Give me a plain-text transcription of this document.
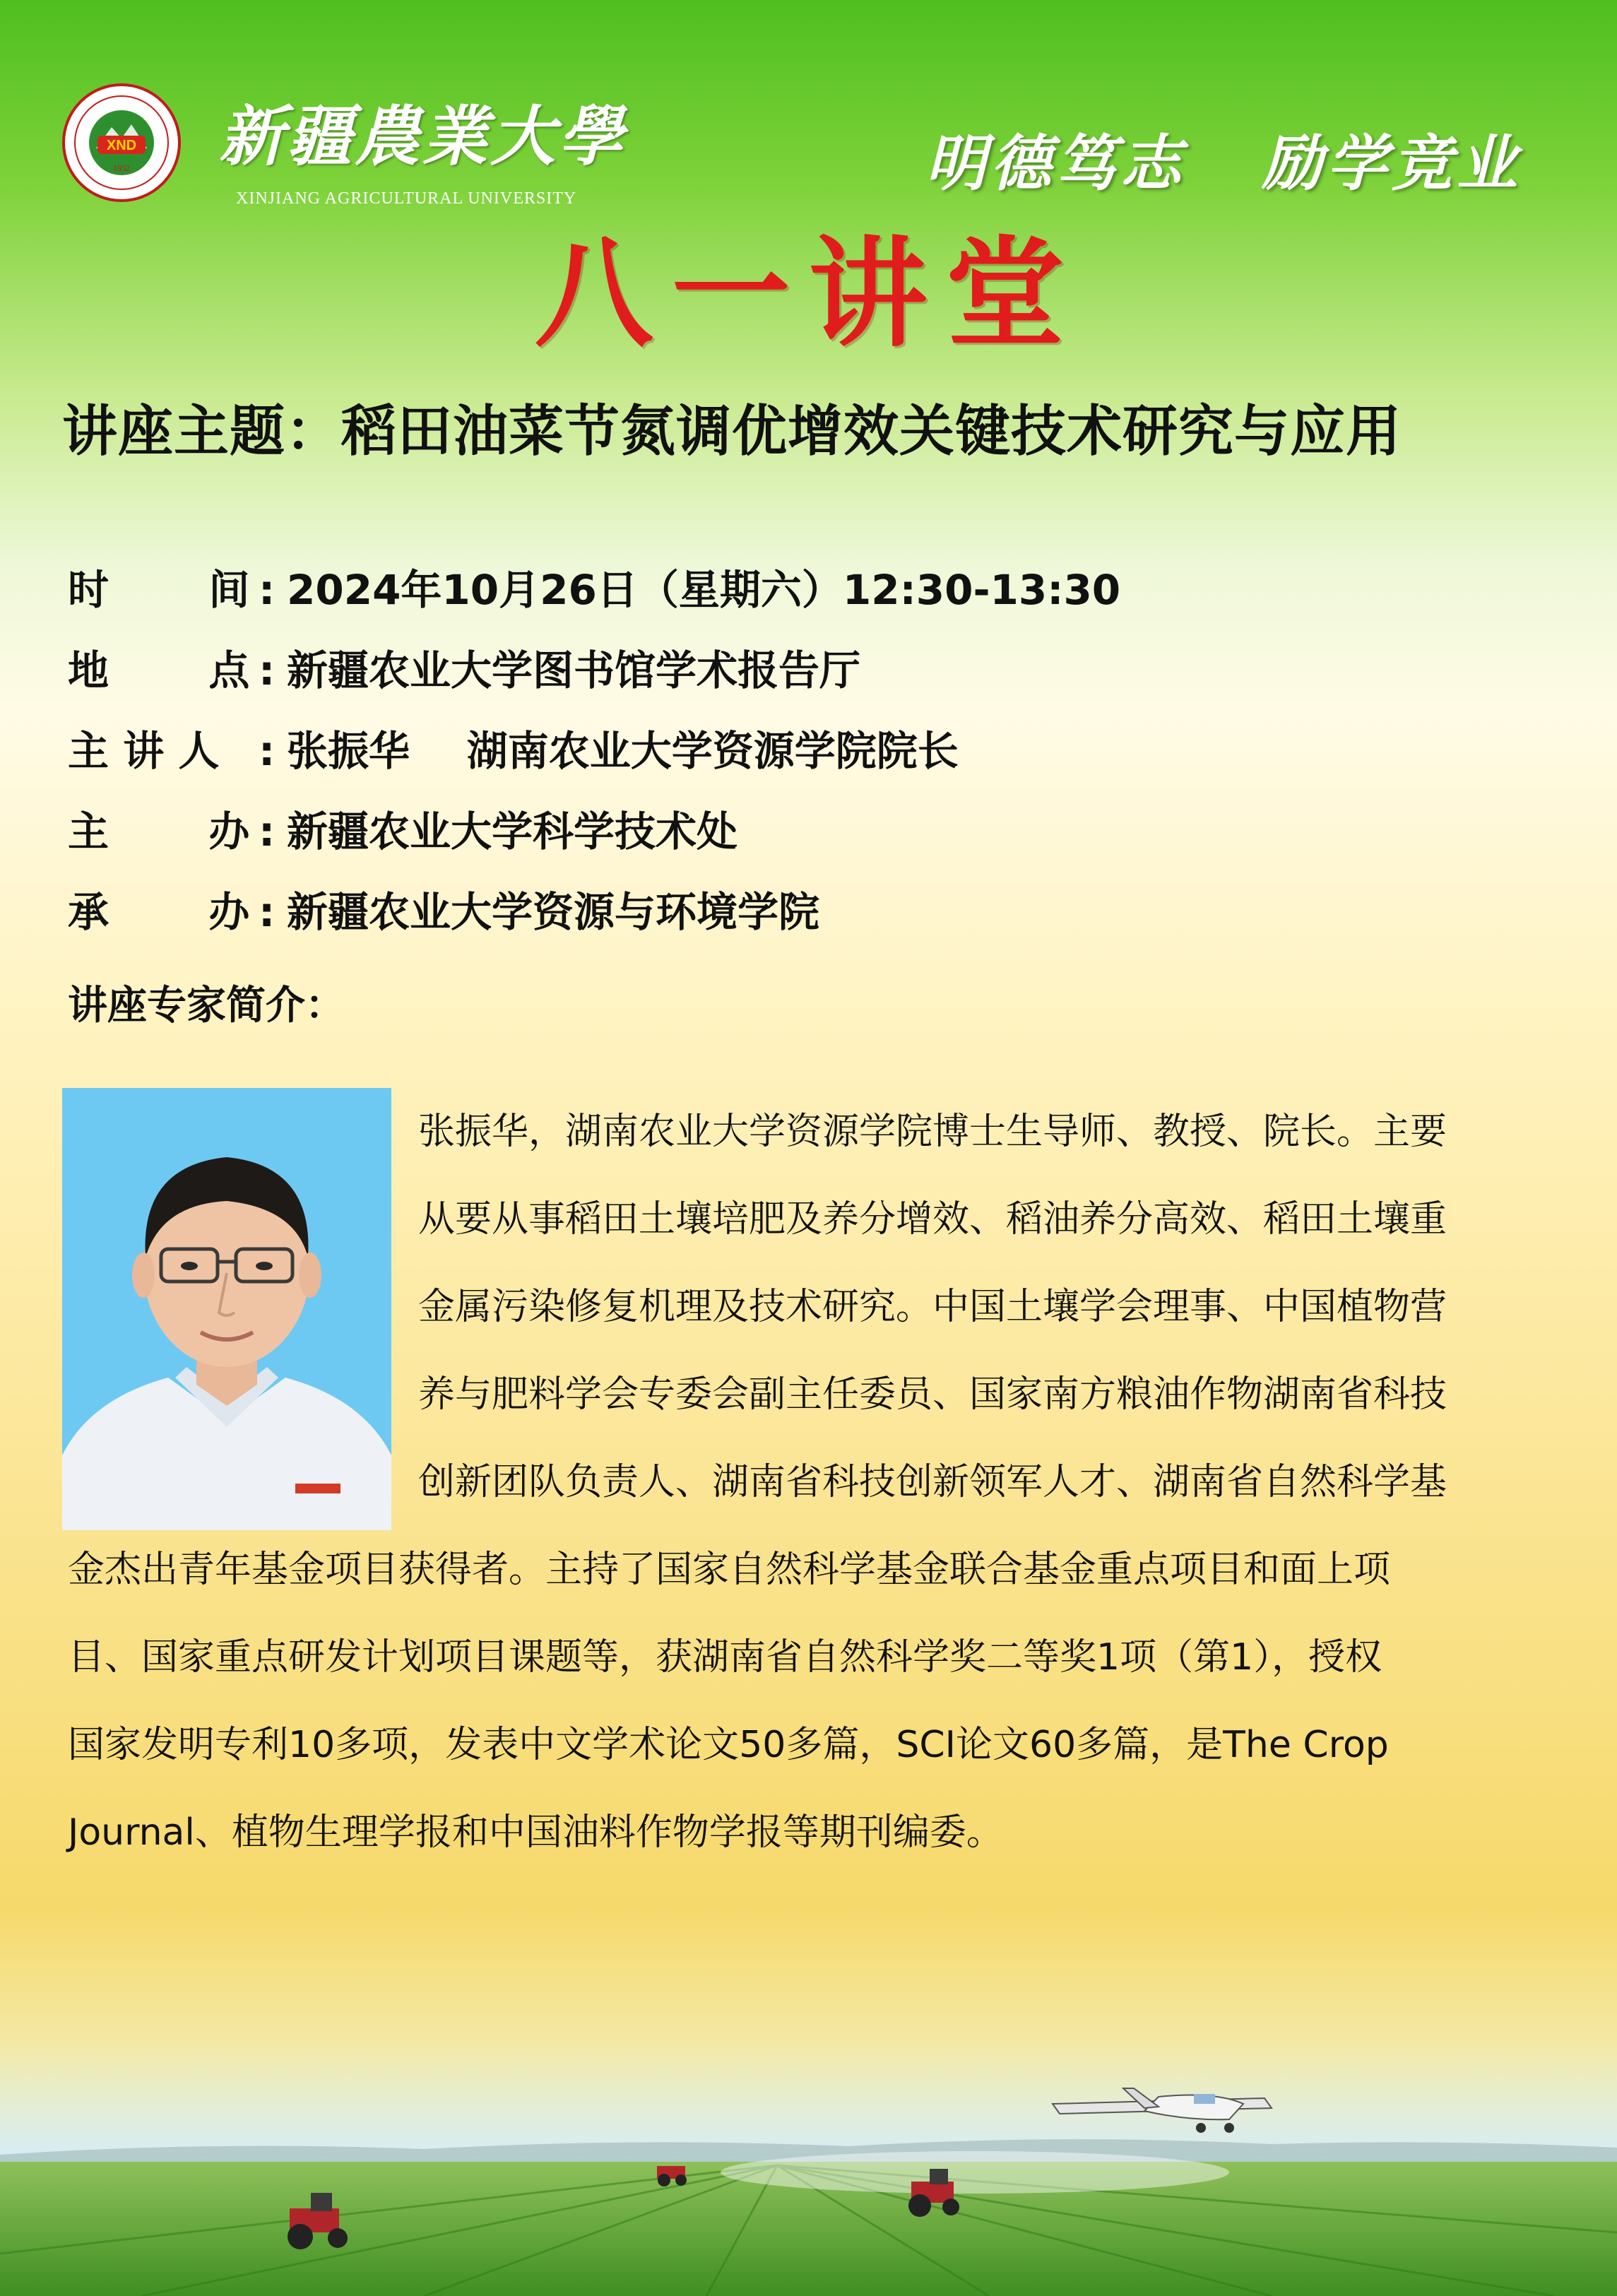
XND
1952 新疆農業大學
XINJIANG AGRICULTURAL UNIVERSITY	明德笃志   励学竞业
八一讲堂
讲座主题：稻田油菜节氮调优增效关键技术研究与应用
时       间 : 2024年10月26日（星期六）12:30-13:30
地       点 : 新疆农业大学图书馆学术报告厅
主 讲 人 : 张振华    湖南农业大学资源学院院长
主       办 : 新疆农业大学科学技术处
承       办 : 新疆农业大学资源与环境学院
讲座专家简介：
张振华，湖南农业大学资源学院博士生导师、教授、院长。主要
从要从事稻田土壤培肥及养分增效、稻油养分高效、稻田土壤重
金属污染修复机理及技术研究。中国土壤学会理事、中国植物营
养与肥料学会专委会副主任委员、国家南方粮油作物湖南省科技
创新团队负责人、湖南省科技创新领军人才、湖南省自然科学基
金杰出青年基金项目获得者。主持了国家自然科学基金联合基金重点项目和面上项
目、国家重点研发计划项目课题等，获湖南省自然科学奖二等奖1项（第1），授权
国家发明专利10多项，发表中文学术论文50多篇，SCI论文60多篇，是The Crop
Journal、植物生理学报和中国油料作物学报等期刊编委。
